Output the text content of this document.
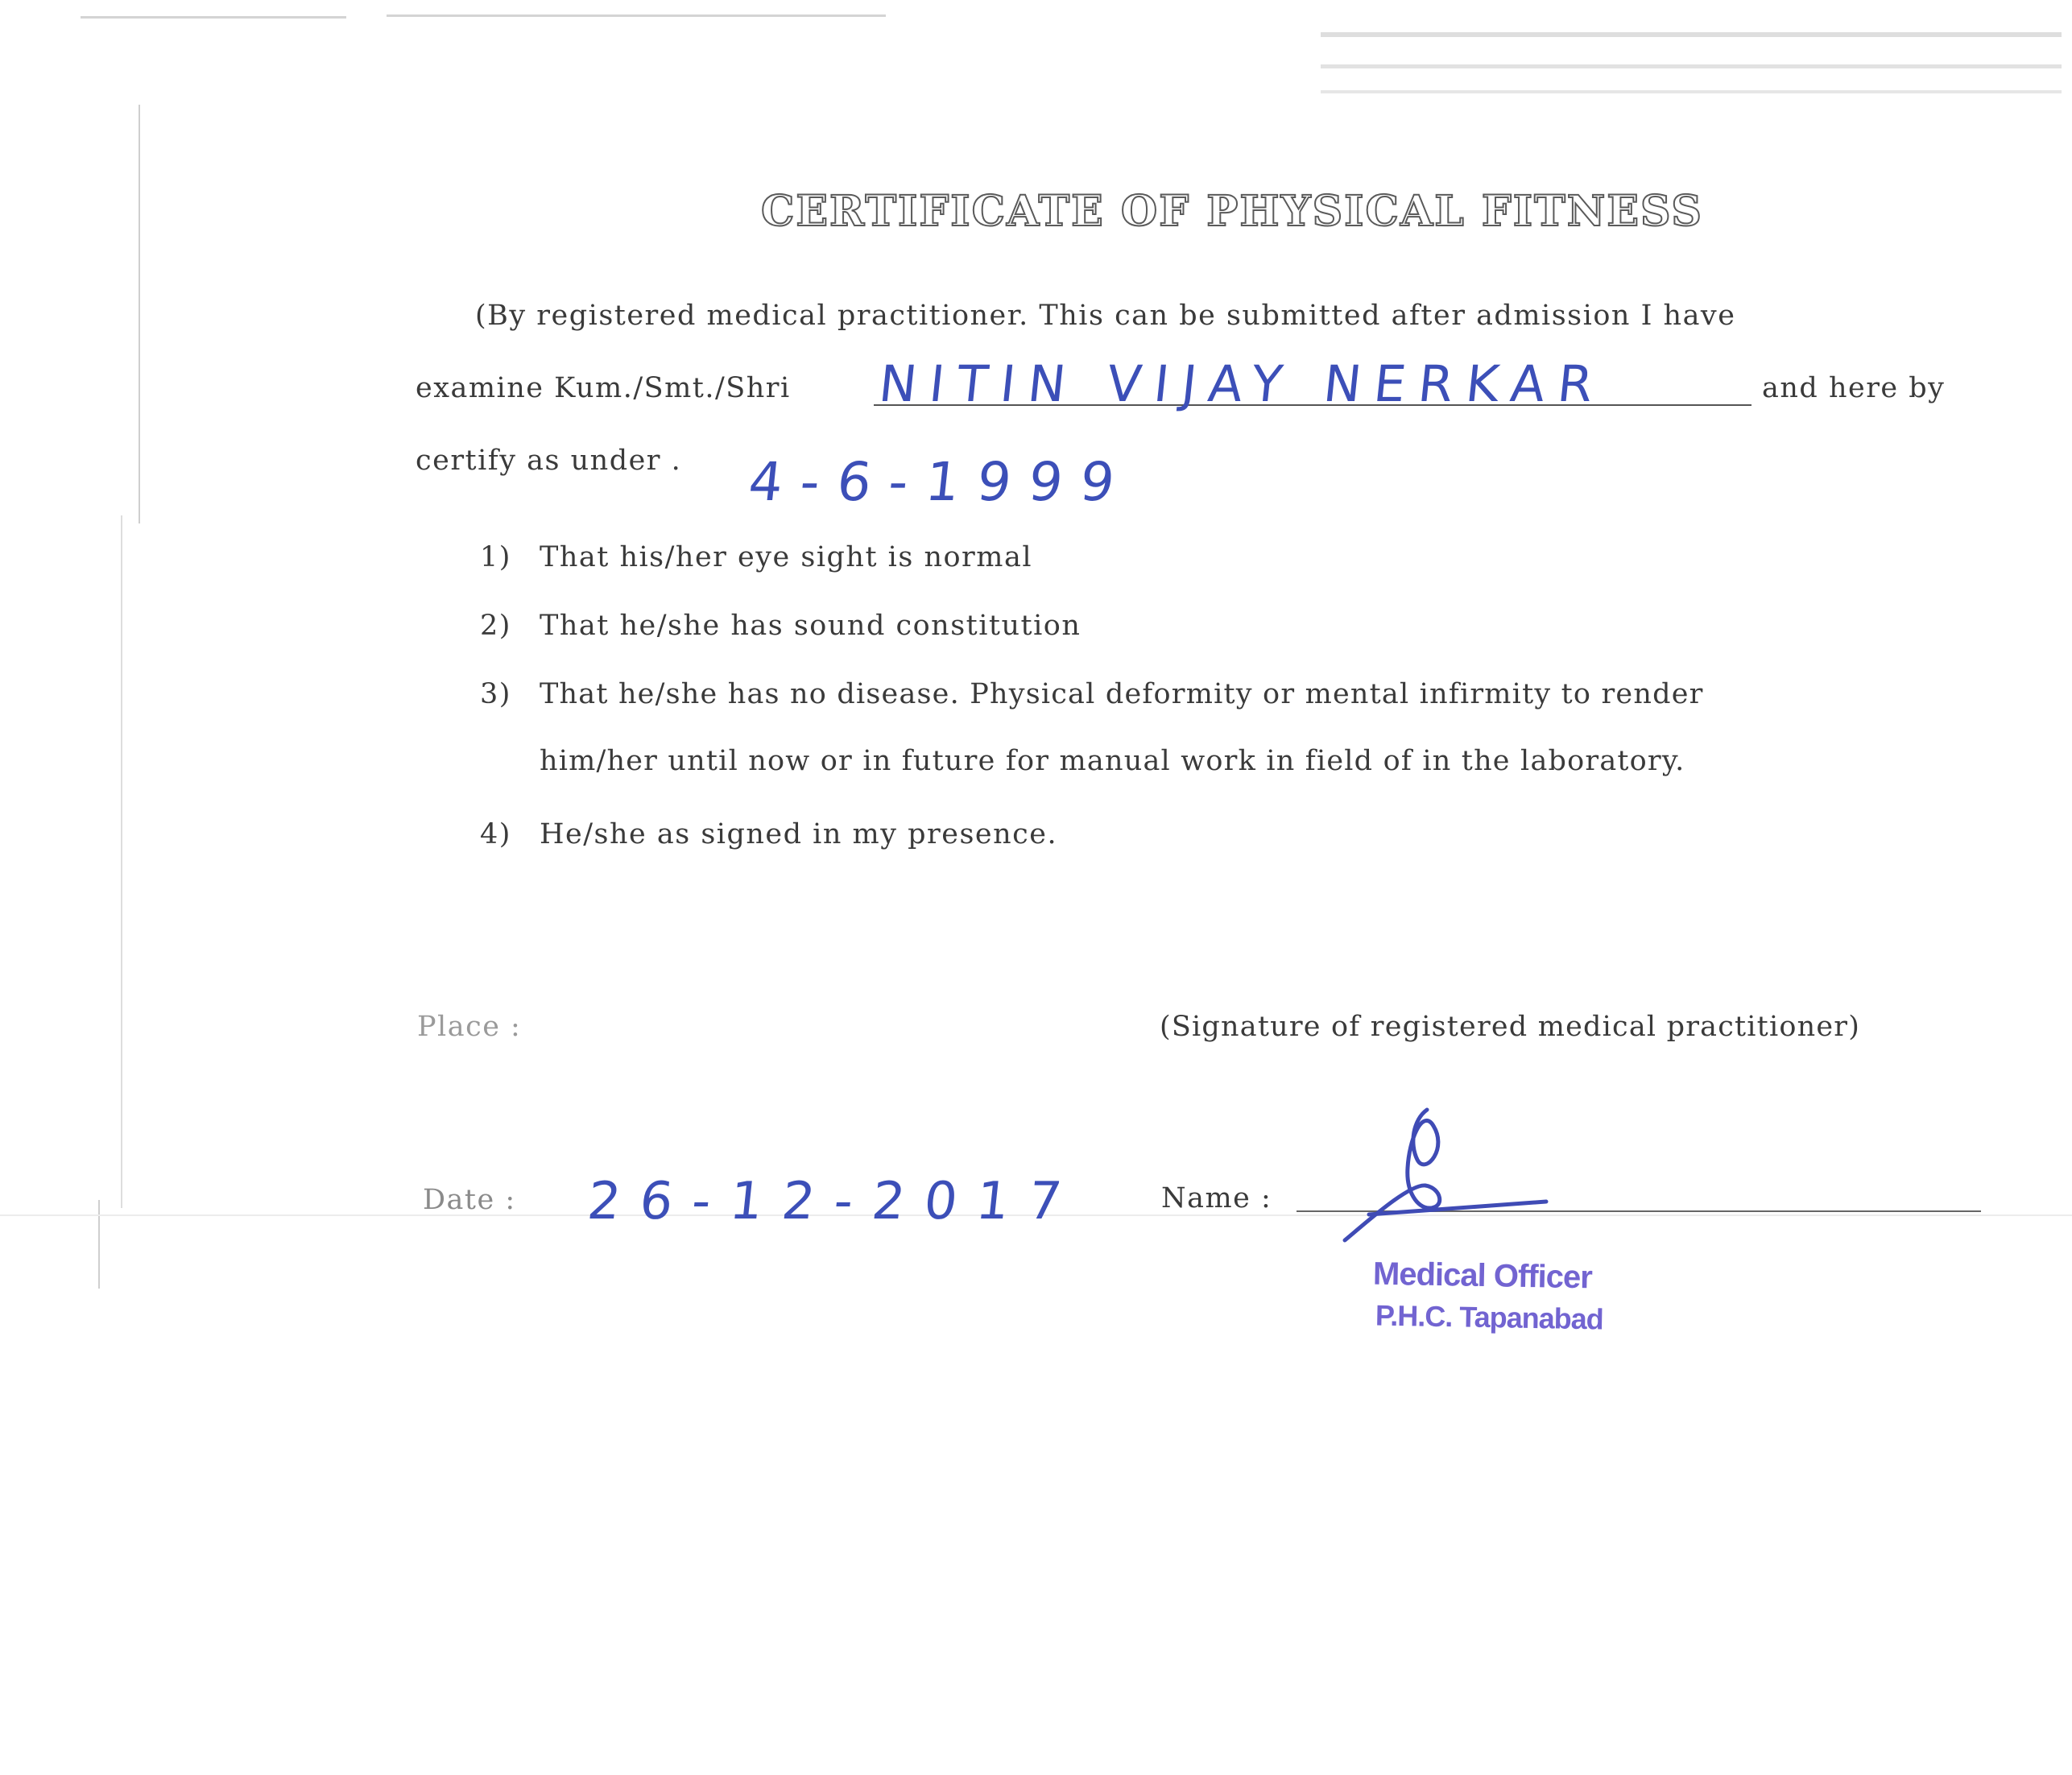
CERTIFICATE OF PHYSICAL FITNESS
(By registered medical practitioner. This can be submitted after admission I have
examine Kum./Smt./Shri NITIN VIJAY NERKAR	and here by
certify as under . 4-6-1999
1) That his/her eye sight is normal
2) That he/she has sound constitution
3) That he/she has no disease. Physical deformity or mental infirmity to render
him/her until now or in future for manual work in field of in the laboratory.
4) He/she as signed in my presence.
Place :	(Signature of registered medical practitioner)
Date : 26-12-2017	Name :
Medical Officer
P.H.C. Tapanabad
